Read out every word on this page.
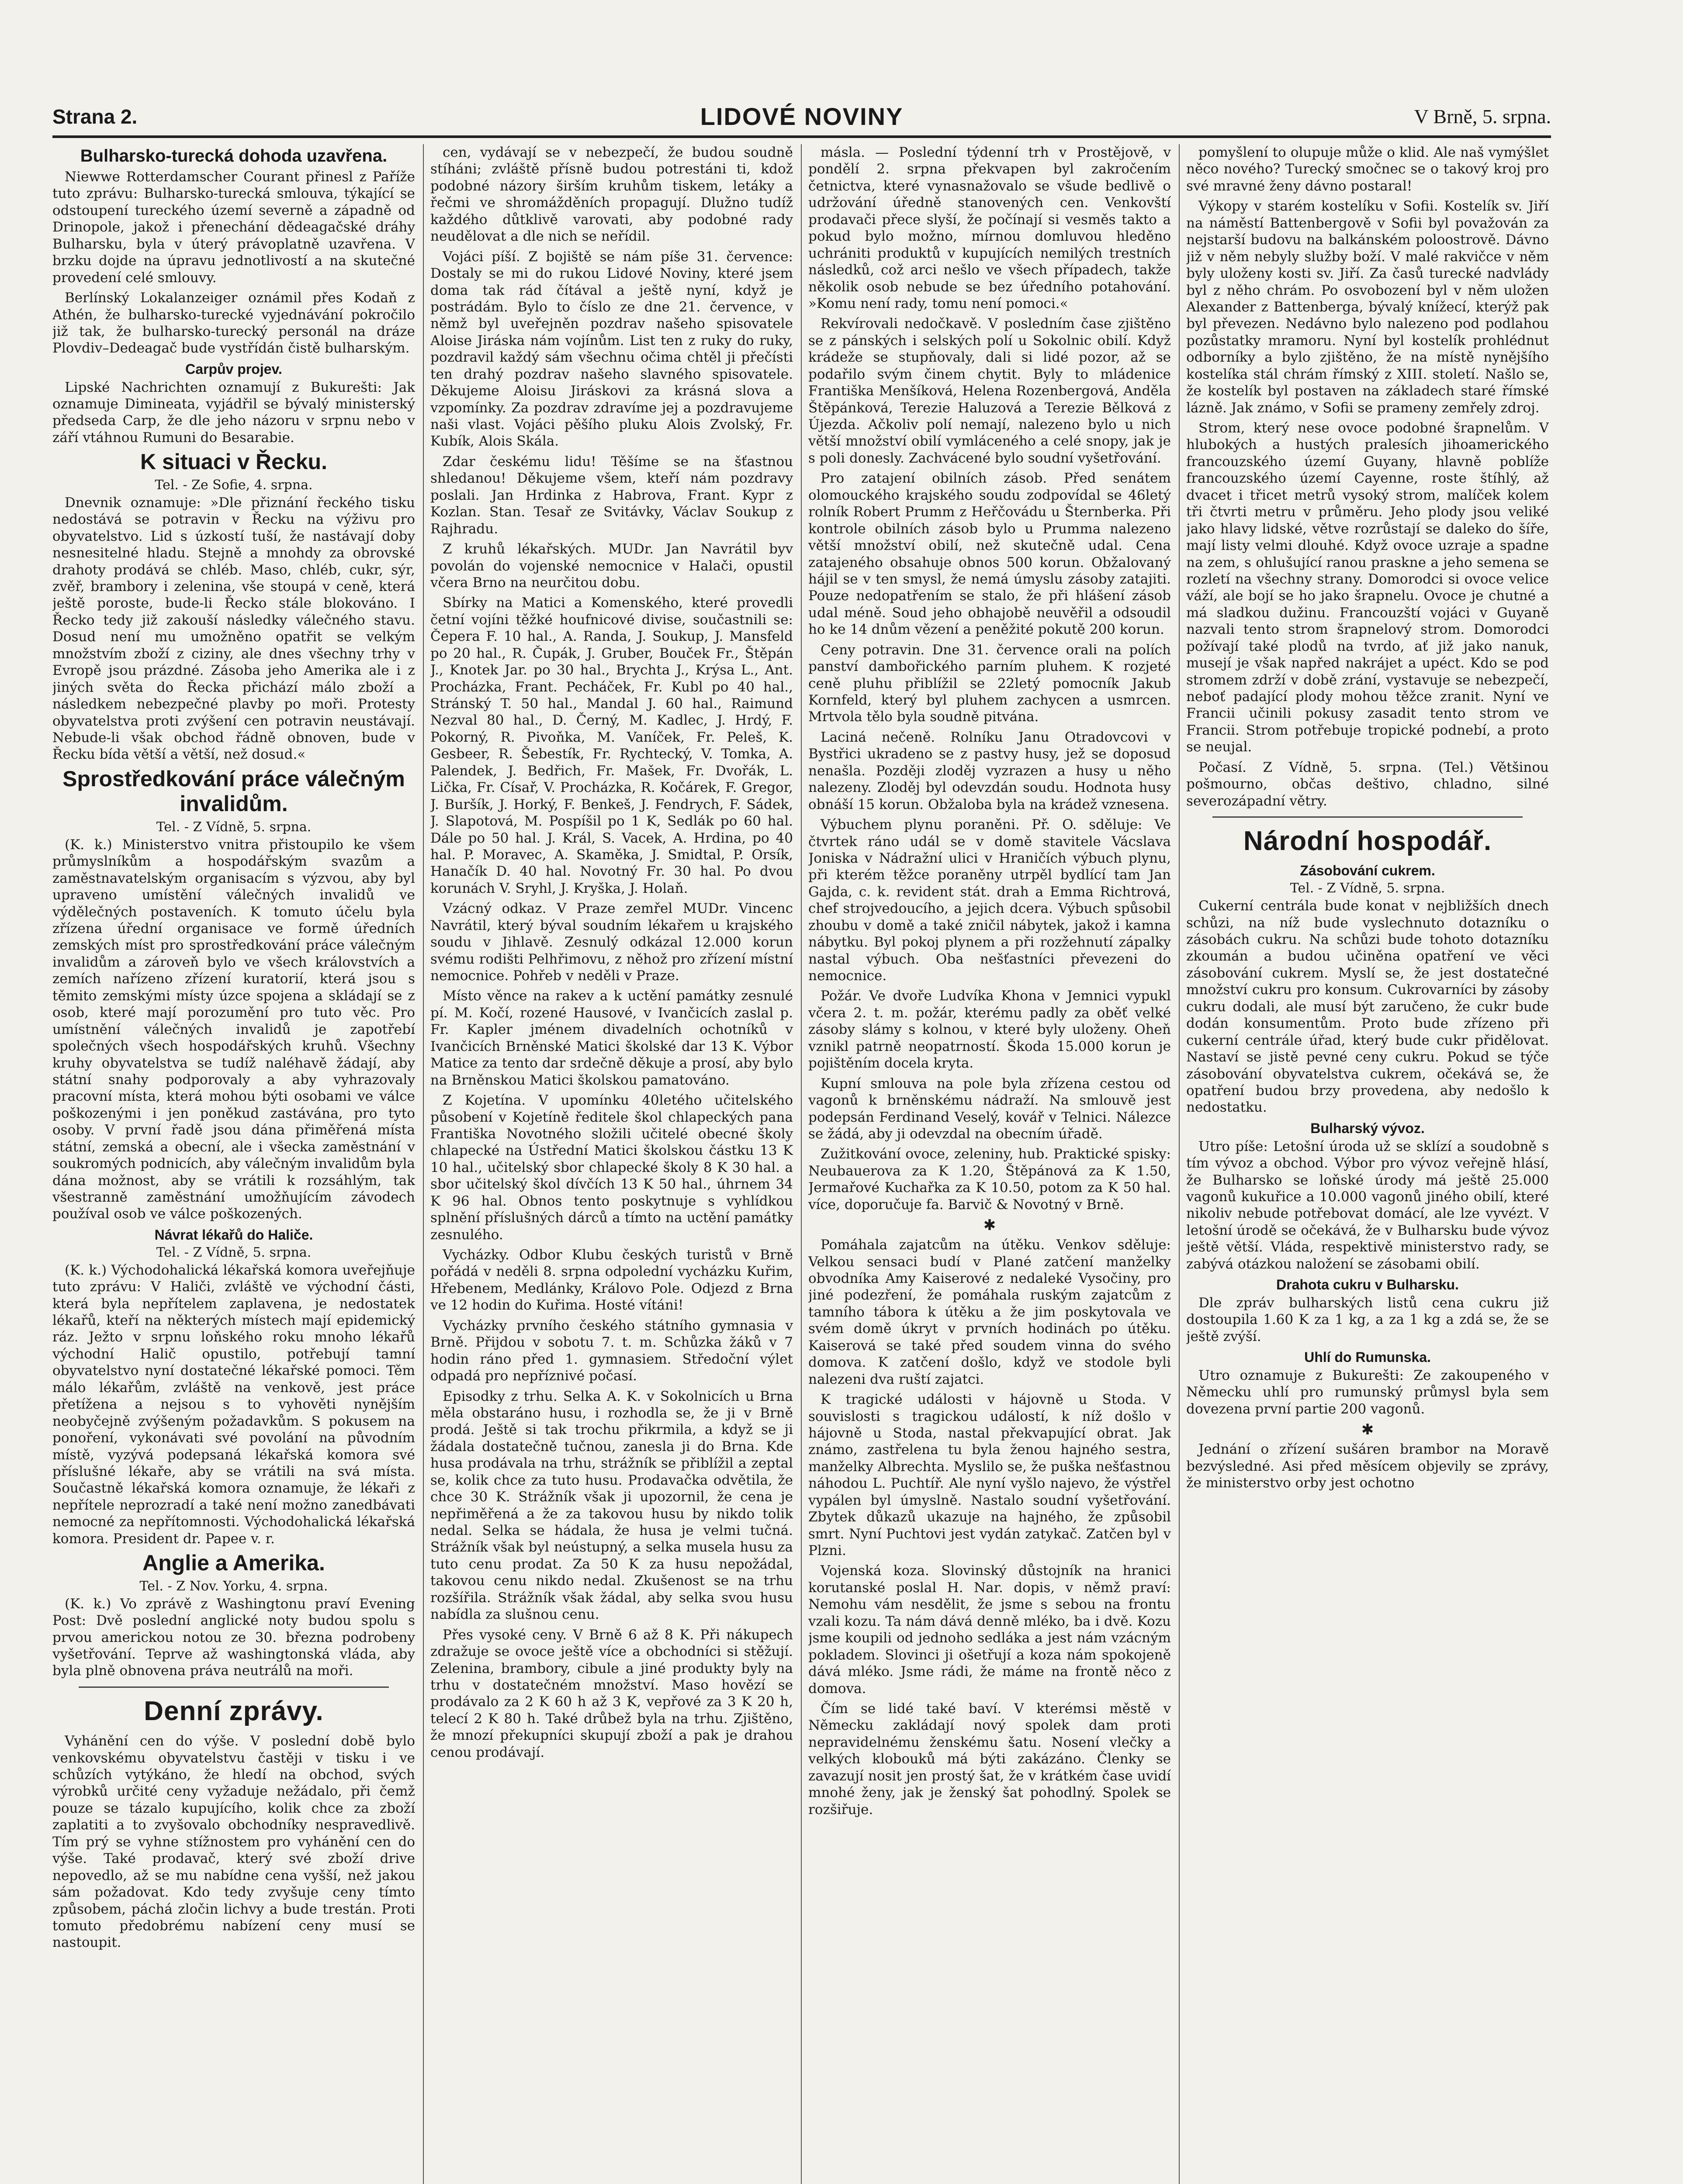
Strana 2.	LIDOVÉ NOVINY	V Brně, 5. srpna.
Bulharsko-turecká dohoda uzavřena.

Niewwe Rotterdamscher Courant přinesl z Paříže tuto zprávu: Bulharsko-turecká smlouva, týkající se odstoupení tureckého území severně a západně od Drinopole, jakož i přenechání dědeagačské dráhy Bulharsku, byla v úterý právoplatně uzavřena. V brzku dojde na úpravu jednotlivostí a na skutečné provedení celé smlouvy.

Berlínský Lokalanzeiger oznámil přes Kodaň z Athén, že bulharsko-turecké vyjednávání pokročilo již tak, že bulharsko-turecký personál na dráze Plovdiv–Dedeagač bude vystřídán čistě bulharským.

Carpův projev.

Lipské Nachrichten oznamují z Bukurešti: Jak oznamuje Dimineata, vyjádřil se bývalý ministerský předseda Carp, že dle jeho názoru v srpnu nebo v září vtáhnou Rumuni do Besarabie.

K situaci v Řecku.
Tel. - Ze Sofie, 4. srpna.

Dnevnik oznamuje: »Dle přiznání řeckého tisku nedostává se potravin v Řecku na výživu pro obyvatelstvo. Lid s úzkostí tuší, že nastávají doby nesnesitelné hladu. Stejně a mnohdy za obrovské drahoty prodává se chléb. Maso, chléb, cukr, sýr, zvěř, brambory i zelenina, vše stoupá v ceně, která ještě poroste, bude-li Řecko stále blokováno. I Řecko tedy již zakouší následky válečného stavu. Dosud není mu umožněno opatřit se velkým množstvím zboží z ciziny, ale dnes všechny trhy v Evropě jsou prázdné. Zásoba jeho Amerika ale i z jiných světa do Řecka přichází málo zboží a následkem nebezpečné plavby po moři. Protesty obyvatelstva proti zvýšení cen potravin neustávají. Nebude-li však obchod řádně obnoven, bude v Řecku bída větší a větší, než dosud.«

Sprostředkování práce válečným invalidům.
Tel. - Z Vídně, 5. srpna.

(K. k.) Ministerstvo vnitra přistoupilo ke všem průmyslníkům a hospodářským svazům a zaměstnavatelským organisacím s výzvou, aby byl upraveno umístění válečných invalidů ve výdělečných postaveních. K tomuto účelu byla zřízena úřední organisace ve formě úředních zemských míst pro sprostředkování práce válečným invalidům a zároveň bylo ve všech královstvích a zemích nařízeno zřízení kuratorií, která jsou s těmito zemskými místy úzce spojena a skládají se z osob, které mají porozumění pro tuto věc. Pro umístnění válečných invalidů je zapotřebí společných všech hospodářských kruhů. Všechny kruhy obyvatelstva se tudíž naléhavě žádají, aby státní snahy podporovaly a aby vyhrazovaly pracovní místa, která mohou býti osobami ve válce poškozenými i jen poněkud zastávána, pro tyto osoby. V první řadě jsou dána přiměřená místa státní, zemská a obecní, ale i všecka zaměstnání v soukromých podnicích, aby válečným invalidům byla dána možnost, aby se vrátili k rozsáhlým, tak všestranně zaměstnání umožňujícím závodech používal osob ve válce poškozených.

Návrat lékařů do Haliče.
Tel. - Z Vídně, 5. srpna.

(K. k.) Východohalická lékařská komora uveřejňuje tuto zprávu: V Haliči, zvláště ve východní části, která byla nepřítelem zaplavena, je nedostatek lékařů, kteří na některých místech mají epidemický ráz. Ježto v srpnu loňského roku mnoho lékařů východní Halič opustilo, potřebují tamní obyvatelstvo nyní dostatečné lékařské pomoci. Těm málo lékařům, zvláště na venkově, jest práce přetížena a nejsou s to vyhověti nynějším neobyčejně zvýšeným požadavkům. S pokusem na ponoření, vykonávati své povolání na původním místě, vyzývá podepsaná lékařská komora své příslušné lékaře, aby se vrátili na svá místa. Součastně lékařská komora oznamuje, že lékaři z nepřítele neprozradí a také není možno zanedbávati nemocné za nepřítomnosti. Východohalická lékařská komora. President dr. Papee v. r.

Anglie a Amerika.
Tel. - Z Nov. Yorku, 4. srpna.

(K. k.) Vo zprávě z Washingtonu praví Evening Post: Dvě poslední anglické noty budou spolu s prvou americkou notou ze 30. března podrobeny vyšetřování. Teprve až washingtonská vláda, aby byla plně obnovena práva neutrálů na moři.

Denní zprávy.

Vyhánění cen do výše. V poslední době bylo venkovskému obyvatelstvu častěji v tisku i ve schůzích vytýkáno, že hledí na obchod, svých výrobků určité ceny vyžaduje nežádalo, při čemž pouze se tázalo kupujícího, kolik chce za zboží zaplatiti a to zvyšovalo obchodníky nespravedlivě. Tím prý se vyhne stížnostem pro vyhánění cen do výše. Také prodavač, který své zboží drive nepovedlo, až se mu nabídne cena vyšší, než jakou sám požadovat. Kdo tedy zvyšuje ceny tímto způsobem, páchá zločin lichvy a bude trestán. Proti tomuto předobrému nabízení ceny musí se nastoupit.

cen, vydávají se v nebezpečí, že budou soudně stíháni; zvláště přísně budou potrestáni ti, kdož podobné názory širším kruhům tiskem, letáky a řečmi ve shromážděních propagují. Dlužno tudíž každého důtklivě varovati, aby podobné rady neudělovat a dle nich se neřídil.

Vojáci píší. Z bojiště se nám píše 31. července: Dostaly se mi do rukou Lidové Noviny, které jsem doma tak rád čítával a ještě nyní, když je postrádám. Bylo to číslo ze dne 21. července, v němž byl uveřejněn pozdrav našeho spisovatele Aloise Jiráska nám vojínům. List ten z ruky do ruky, pozdravil každý sám všechnu očima chtěl ji přečísti ten drahý pozdrav našeho slavného spisovatele. Děkujeme Aloisu Jiráskovi za krásná slova a vzpomínky. Za pozdrav zdravíme jej a pozdravujeme naši vlast. Vojáci pěšího pluku Alois Zvolský, Fr. Kubík, Alois Skála.

Zdar českému lidu! Těšíme se na šťastnou shledanou! Děkujeme všem, kteří nám pozdravy poslali. Jan Hrdinka z Habrova, Frant. Kypr z Kozlan. Stan. Tesař ze Svitávky, Václav Soukup z Rajhradu.

Z kruhů lékařských. MUDr. Jan Navrátil byv povolán do vojenské nemocnice v Halači, opustil včera Brno na neurčitou dobu.

Sbírky na Matici a Komenského, které provedli četní vojíni těžké houfnicové divise, součastnili se: Čepera F. 10 hal., A. Randa, J. Soukup, J. Mansfeld po 20 hal., R. Čupák, J. Gruber, Bouček Fr., Štěpán J., Knotek Jar. po 30 hal., Brychta J., Krýsa L., Ant. Procházka, Frant. Pecháček, Fr. Kubl po 40 hal., Stránský T. 50 hal., Mandal J. 60 hal., Raimund Nezval 80 hal., D. Černý, M. Kadlec, J. Hrdý, F. Pokorný, R. Pivoňka, M. Vaníček, Fr. Peleš, K. Gesbeer, R. Šebestík, Fr. Rychtecký, V. Tomka, A. Palendek, J. Bedřich, Fr. Mašek, Fr. Dvořák, L. Lička, Fr. Císař, V. Procházka, R. Kočárek, F. Gregor, J. Buršík, J. Horký, F. Benkeš, J. Fendrych, F. Sádek, J. Slapotová, M. Pospíšil po 1 K, Sedlák po 60 hal. Dále po 50 hal. J. Král, S. Vacek, A. Hrdina, po 40 hal. P. Moravec, A. Skaměka, J. Smidtal, P. Orsík, Hanačík D. 40 hal. Novotný Fr. 30 hal. Po dvou korunách V. Sryhl, J. Kryška, J. Holaň.

Vzácný odkaz. V Praze zemřel MUDr. Vincenc Navrátil, který býval soudním lékařem u krajského soudu v Jihlavě. Zesnulý odkázal 12.000 korun svému rodišti Pelhřimovu, z něhož pro zřízení místní nemocnice. Pohřeb v neděli v Praze.

Místo věnce na rakev a k uctění památky zesnulé pí. M. Kočí, rozené Hausové, v Ivančicích zaslal p. Fr. Kapler jménem divadelních ochotníků v Ivančicích Brněnské Matici školské dar 13 K. Výbor Matice za tento dar srdečně děkuje a prosí, aby bylo na Brněnskou Matici školskou pamatováno.

Z Kojetína. V upomínku 40letého učitelského působení v Kojetíně ředitele škol chlapeckých pana Františka Novotného složili učitelé obecné školy chlapecké na Ústřední Matici školskou částku 13 K 10 hal., učitelský sbor chlapecké školy 8 K 30 hal. a sbor učitelský škol dívčích 13 K 50 hal., úhrnem 34 K 96 hal. Obnos tento poskytnuje s vyhlídkou splnění příslušných dárců a tímto na uctění památky zesnulého.

Vycházky. Odbor Klubu českých turistů v Brně pořádá v neděli 8. srpna odpolední vycházku Kuřim, Hřebenem, Medlánky, Královo Pole. Odjezd z Brna ve 12 hodin do Kuřima. Hosté vítáni!

Vycházky prvního českého státního gymnasia v Brně. Přijdou v sobotu 7. t. m. Schůzka žáků v 7 hodin ráno před 1. gymnasiem. Středoční výlet odpadá pro nepříznivé počasí.

Episodky z trhu. Selka A. K. v Sokolnicích u Brna měla obstaráno husu, i rozhodla se, že ji v Brně prodá. Ještě si tak trochu přikrmila, a když se ji žádala dostatečně tučnou, zanesla ji do Brna. Kde husa prodávala na trhu, strážník se přiblížil a zeptal se, kolik chce za tuto husu. Prodavačka odvětila, že chce 30 K. Strážník však ji upozornil, že cena je nepřiměřená a že za takovou husu by nikdo tolik nedal. Selka se hádala, že husa je velmi tučná. Strážník však byl neústupný, a selka musela husu za tuto cenu prodat. Za 50 K za husu nepožádal, takovou cenu nikdo nedal. Zkušenost se na trhu rozšířila. Strážník však žádal, aby selka svou husu nabídla za slušnou cenu.

Přes vysoké ceny. V Brně 6 až 8 K. Při nákupech zdražuje se ovoce ještě více a obchodníci si stěžují. Zelenina, brambory, cibule a jiné produkty byly na trhu v dostatečném množství. Maso hovězí se prodávalo za 2 K 60 h až 3 K, vepřové za 3 K 20 h, telecí 2 K 80 h. Také drůbež byla na trhu. Zjištěno, že mnozí překupníci skupují zboží a pak je drahou cenou prodávají.

másla. — Poslední týdenní trh v Prostějově, v pondělí 2. srpna překvapen byl zakročením četnictva, které vynasnažovalo se všude bedlivě o udržování úředně stanovených cen. Venkovští prodavači přece slyší, že počínají si vesměs takto a pokud bylo možno, mírnou domluvou hleděno uchrániti produktů v kupujících nemilých trestních následků, což arci nešlo ve všech případech, takže několik osob nebude se bez úředního potahování. »Komu není rady, tomu není pomoci.«

Rekvírovali nedočkavě. V posledním čase zjištěno se z pánských i selských polí u Sokolnic obilí. Když krádeže se stupňovaly, dali si lidé pozor, až se podařilo svým činem chytit. Byly to mládenice Františka Menšíková, Helena Rozenbergová, Anděla Štěpánková, Terezie Haluzová a Terezie Bělková z Újezda. Ačkoliv polí nemají, nalezeno bylo u nich větší množství obilí vymláceného a celé snopy, jak je s poli donesly. Zachvácené bylo soudní vyšetřování.

Pro zatajení obilních zásob. Před senátem olomouckého krajského soudu zodpovídal se 46letý rolník Robert Prumm z Heřčovádu u Šternberka. Při kontrole obilních zásob bylo u Prumma nalezeno větší množství obilí, než skutečně udal. Cena zatajeného obsahuje obnos 500 korun. Obžalovaný hájil se v ten smysl, že nemá úmyslu zásoby zatajiti. Pouze nedopatřením se stalo, že při hlášení zásob udal méně. Soud jeho obhajobě neuvěřil a odsoudil ho ke 14 dnům vězení a peněžité pokutě 200 korun.

Ceny potravin. Dne 31. července orali na polích panství dambořického parním pluhem. K rozjeté ceně pluhu přiblížil se 22letý pomocník Jakub Kornfeld, který byl pluhem zachycen a usmrcen. Mrtvola tělo byla soudně pitvána.

Laciná nečeně. Rolníku Janu Otradovcovi v Bystřici ukradeno se z pastvy husy, jež se doposud nenašla. Později zloděj vyzrazen a husy u něho nalezeny. Zloděj byl odevzdán soudu. Hodnota husy obnáší 15 korun. Obžaloba byla na krádež vznesena.

Výbuchem plynu poraněni. Př. O. sděluje: Ve čtvrtek ráno udál se v domě stavitele Vácslava Joniska v Nádražní ulici v Hraničích výbuch plynu, při kterém těžce poraněny utrpěl bydlící tam Jan Gajda, c. k. revident stát. drah a Emma Richtrová, chef strojvedoucího, a jejich dcera. Výbuch spůsobil zhoubu v domě a také zničil nábytek, jakož i kamna nábytku. Byl pokoj plynem a při rozžehnutí zápalky nastal výbuch. Oba nešťastníci převezeni do nemocnice.

Požár. Ve dvoře Ludvíka Khona v Jemnici vypukl včera 2. t. m. požár, kterému padly za oběť velké zásoby slámy s kolnou, v které byly uloženy. Oheň vznikl patrně neopatrností. Škoda 15.000 korun je pojištěním docela kryta.

Kupní smlouva na pole byla zřízena cestou od vagonů k brněnskému nádraží. Na smlouvě jest podepsán Ferdinand Veselý, kovář v Telnici. Nálezce se žádá, aby ji odevzdal na obecním úřadě.

Zužitkování ovoce, zeleniny, hub. Praktické spisky: Neubauerova za K 1.20, Štěpánová za K 1.50, Jermařové Kuchařka za K 10.50, potom za K 50 hal. více, doporučuje fa. Barvič & Novotný v Brně.

✱

Pomáhala zajatcům na útěku. Venkov sděluje: Velkou sensaci budí v Plané zatčení manželky obvodníka Amy Kaiserové z nedaleké Vysočiny, pro jiné podezření, že pomáhala ruským zajatcům z tamního tábora k útěku a že jim poskytovala ve svém domě úkryt v prvních hodinách po útěku. Kaiserová se také před soudem vinna do svého domova. K zatčení došlo, když ve stodole byli nalezeni dva ruští zajatci.

K tragické události v hájovně u Stoda. V souvislosti s tragickou událostí, k níž došlo v hájovně u Stoda, nastal překvapující obrat. Jak známo, zastřelena tu byla ženou hajného sestra, manželky Albrechta. Myslilo se, že puška nešťastnou náhodou L. Puchtíř. Ale nyní vyšlo najevo, že výstřel vypálen byl úmyslně. Nastalo soudní vyšetřování. Zbytek důkazů ukazuje na hajného, že způsobil smrt. Nyní Puchtovi jest vydán zatykač. Zatčen byl v Plzni.

Vojenská koza. Slovinský důstojník na hranici korutanské poslal H. Nar. dopis, v němž praví: Nemohu vám nesdělit, že jsme s sebou na frontu vzali kozu. Ta nám dává denně mléko, ba i dvě. Kozu jsme koupili od jednoho sedláka a jest nám vzácným pokladem. Slovinci ji ošetřují a koza nám spokojeně dává mléko. Jsme rádi, že máme na frontě něco z domova.

Čím se lidé také baví. V kterémsi městě v Německu zakládají nový spolek dam proti nepravidelnému ženskému šatu. Nosení vlečky a velkých klobouků má býti zakázáno. Členky se zavazují nosit jen prostý šat, že v krátkém čase uvidí mnohé ženy, jak je ženský šat pohodlný. Spolek se rozšiřuje.

pomyšlení to olupuje může o klid. Ale naš vymýšlet něco nového? Turecký smočnec se o takový kroj pro své mravné ženy dávno postaral!

Výkopy v starém kostelíku v Sofii. Kostelík sv. Jiří na náměstí Battenbergově v Sofii byl považován za nejstarší budovu na balkánském poloostrově. Dávno již v něm nebyly služby boží. V malé rakvičce v něm byly uloženy kosti sv. Jiří. Za časů turecké nadvlády byl z něho chrám. Po osvobození byl v něm uložen Alexander z Battenberga, bývalý knížecí, kterýž pak byl převezen. Nedávno bylo nalezeno pod podlahou pozůstatky mramoru. Nyní byl kostelík prohlédnut odborníky a bylo zjištěno, že na místě nynějšího kostelíka stál chrám římský z XIII. století. Našlo se, že kostelík byl postaven na základech staré římské lázně. Jak známo, v Sofii se prameny zemřely zdroj.

Strom, který nese ovoce podobné šrapnelům. V hlubokých a hustých pralesích jihoamerického francouzského území Guyany, hlavně poblíže francouzského území Cayenne, roste štíhlý, až dvacet i třicet metrů vysoký strom, malíček kolem tři čtvrti metru v průměru. Jeho plody jsou veliké jako hlavy lidské, větve rozrůstají se daleko do šíře, mají listy velmi dlouhé. Když ovoce uzraje a spadne na zem, s ohlušující ranou praskne a jeho semena se rozletí na všechny strany. Domorodci si ovoce velice váží, ale bojí se ho jako šrapnelu. Ovoce je chutné a má sladkou dužinu. Francouzští vojáci v Guyaně nazvali tento strom šrapnelový strom. Domorodci požívají také plodů na tvrdo, ať již jako nanuk, musejí je však napřed nakrájet a upéct. Kdo se pod stromem zdrží v době zrání, vystavuje se nebezpečí, neboť padající plody mohou těžce zranit. Nyní ve Francii učinili pokusy zasadit tento strom ve Francii. Strom potřebuje tropické podnebí, a proto se neujal.

Počasí. Z Vídně, 5. srpna. (Tel.) Většinou pošmourno, občas deštivo, chladno, silné severozápadní větry.

Národní hospodář.
Zásobování cukrem.
Tel. - Z Vídně, 5. srpna.

Cukerní centrála bude konat v nejbližších dnech schůzi, na níž bude vyslechnuto dotazníku o zásobách cukru. Na schůzi bude tohoto dotazníku zkoumán a budou učiněna opatření ve věci zásobování cukrem. Myslí se, že jest dostatečné množství cukru pro konsum. Cukrovarníci by zásoby cukru dodali, ale musí být zaručeno, že cukr bude dodán konsumentům. Proto bude zřízeno při cukerní centrále úřad, který bude cukr přidělovat. Nastaví se jistě pevné ceny cukru. Pokud se týče zásobování obyvatelstva cukrem, očekává se, že opatření budou brzy provedena, aby nedošlo k nedostatku.

Bulharský vývoz.

Utro píše: Letošní úroda už se sklízí a soudobně s tím vývoz a obchod. Výbor pro vývoz veřejně hlásí, že Bulharsko se loňské úrody má ještě 25.000 vagonů kukuřice a 10.000 vagonů jiného obilí, které nikoliv nebude potřebovat domácí, ale lze vyvézt. V letošní úrodě se očekává, že v Bulharsku bude vývoz ještě větší. Vláda, respektivě ministerstvo rady, se zabývá otázkou naložení se zásobami obilí.

Drahota cukru v Bulharsku.

Dle zpráv bulharských listů cena cukru již dostoupila 1.60 K za 1 kg, a za 1 kg a zdá se, že se ještě zvýší.

Uhlí do Rumunska.

Utro oznamuje z Bukurešti: Ze zakoupeného v Německu uhlí pro rumunský průmysl byla sem dovezena první partie 200 vagonů.

✱

Jednání o zřízení sušáren brambor na Moravě bezvýsledné. Asi před měsícem objevily se zprávy, že ministerstvo orby jest ochotno
